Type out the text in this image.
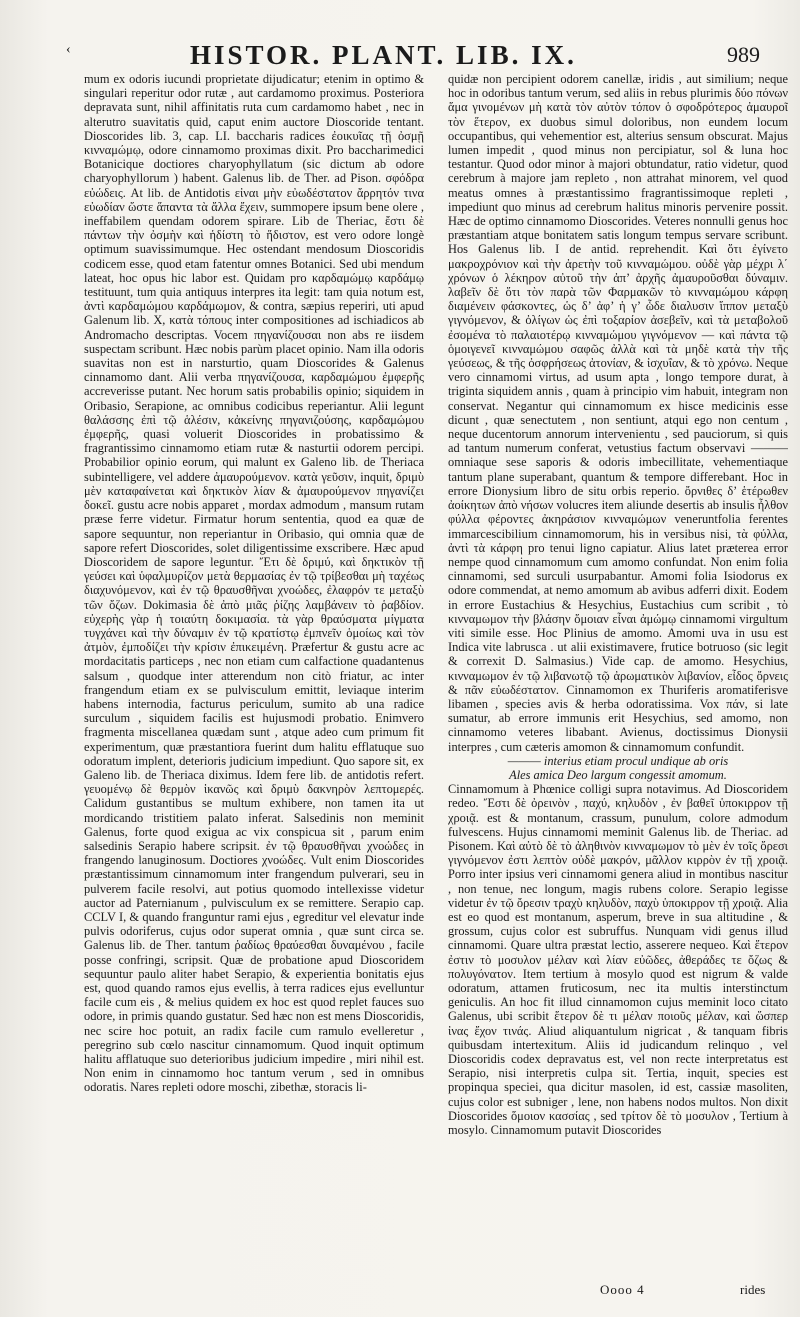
‹	HISTOR. PLANT. LIB. IX.	989

mum ex odoris iucundi proprietate dijudicatur; etenim in optimo & singulari reperitur odor rutæ , aut cardamomo proximus. Posteriora depravata sunt, nihil affinitatis ruta cum cardamomo habet , nec in alterutro suavitatis quid, caput enim auctore Dioscoride tentant. Dioscorides lib. 3, cap. LI. baccharis radices ἐοικυῖας τῇ ὀσμῇ κινναμώμῳ, odore cinnamomo proximas dixit. Pro baccharimedici Botanicique doctiores charyophyllatum (sic dictum ab odore charyophyllorum ) habent. Galenus lib. de Ther. ad Pison. σφόδρα εὐώδεις. At lib. de Antidotis εἰναι μὴν εὐωδέστατον ἄρρητόν τινα εὐωδίαν ὥστε ἅπαντα τὰ ἄλλα ἔχειν, summopere ipsum bene olere , ineffabilem quendam odorem spirare. Lib de Theriac, ἔστι δὲ πάντων τὴν ὀσμὴν καὶ ἡδίστη τὸ ἥδιστον, est vero odore longè optimum suavissimumque. Hec ostendant mendosum Dioscoridis codicem esse, quod etam fatentur omnes Botanici. Sed ubi mendum lateat, hoc opus hic labor est. Quidam pro καρδαμώμῳ καρδάμῳ testituunt, tum quia antiquus interpres ita legit: tam quia notum est, ἀντὶ καρδαμώμου καρδάμωμον, & contra, sæpius reperiri, uti apud Galenum lib. X, κατὰ τόπους inter compositiones ad ischiadicos ab Andromacho descriptas. Vocem πηγανίζουσαι non abs re iisdem suspectam scribunt. Hæc nobis parùm placet opinio. Nam illa odoris suavitas non est in narsturtio, quam Dioscorides & Galenus cinnamomo dant. Alii verba πηγανίζουσα, καρδαμώμου ἐμφερῆς accreverisse putant. Nec horum satis probabilis opinio; siquidem in Oribasio, Serapione, ac omnibus codicibus reperiantur. Alii legunt θαλάσσης ἐπὶ τῷ ἁλέσιν, κἀκείνης πηγανιζούσης, καρδαμώμου ἐμφερῆς, quasi voluerit Dioscorides in probatissimo & fragrantissimo cinnamomo etiam rutæ & nasturtii odorem percipi. Probabilior opinio eorum, qui malunt ex Galeno lib. de Theriaca subintelligere, vel addere ἀμαυρούμενον. κατὰ γεῦσιν, inquit, δριμὺ μὲν καταφαίνεται καὶ δηκτικὸν λίαν & ἀμαυρούμενον πηγανίζει δοκεῖ. gustu acre nobis apparet , mordax admodum , mansum rutam præse ferre videtur. Firmatur horum sententia, quod ea quæ de sapore sequuntur, non reperiantur in Oribasio, qui omnia quæ de sapore refert Dioscorides, solet diligentissime exscribere. Hæc apud Dioscoridem de sapore leguntur. Ἔτι δὲ δριμύ, καὶ δηκτικὸν τῇ γεύσει καὶ ὑφαλμυρίζον μετὰ θερμασίας ἐν τῷ τρίβεσθαι μὴ ταχέως διαχυνόμενον, καὶ ἐν τῷ θραυσθῆναι χνοώδες, ἐλαφρόν τε μεταξὺ τῶν ὄζων. Dokimasia δὲ ἀπὸ μιᾶς ῥίζης λαμβάνειν τὸ ῥαβδίον. εὐχερὴς γὰρ ἡ τοιαύτη δοκιμασία. τὰ γὰρ θραύσματα μίγματα τυγχάνει καὶ τὴν δύναμιν ἐν τῷ κρατίστῳ ἐμπνεῖν ὁμοίως καὶ τὸν ἀτμὸν, ἐμποδίζει τὴν κρίσιν ἐπικειμένη. Præfertur & gustu acre ac mordacitatis particeps , nec non etiam cum calfactione quadantenus salsum , quodque inter atterendum non citò friatur, ac inter frangendum etiam ex se pulvisculum emittit, leviaque interim habens internodia, facturus periculum, sumito ab una radice surculum , siquidem facilis est hujusmodi probatio. Enimvero fragmenta miscellanea quædam sunt , atque adeo cum primum fit experimentum, quæ præstantiora fuerint dum halitu efflatuque suo odoratum implent, deterioris judicium impediunt. Quo sapore sit, ex Galeno lib. de Theriaca diximus. Idem fere lib. de antidotis refert. γευομένῳ δὲ θερμὸν ἱκανῶς καὶ δριμὺ δακνηρὸν λεπτομερές. Calidum gustantibus se multum exhibere, non tamen ita ut mordicando tristitiem palato inferat. Salsedinis non meminit Galenus, forte quod exigua ac vix conspicua sit , parum enim salsedinis Serapio habere scripsit. ἐν τῷ θραυσθῆναι χνοώδες in frangendo lanuginosum. Doctiores χνοώδες. Vult enim Dioscorides præstantissimum cinnamomum inter frangendum pulverari, seu in pulverem facile resolvi, aut potius quomodo intellexisse videtur auctor ad Paternianum , pulvisculum ex se remittere. Serapio cap. CCLV I, & quando franguntur rami ejus , egreditur vel elevatur inde pulvis odoriferus, cujus odor superat omnia , quæ sunt circa se. Galenus lib. de Ther. tantum ῥαδίως θραύεσθαι δυναμένου , facile posse confringi, scripsit. Quæ de probatione apud Dioscoridem sequuntur paulo aliter habet Serapio, & experientia bonitatis ejus est, quod quando ramos ejus evellis, à terra radices ejus evelluntur facile cum eis , & melius quidem ex hoc est quod replet fauces suo odore, in primis quando gustatur. Sed hæc non est mens Dioscoridis, nec scire hoc potuit, an radix facile cum ramulo evelleretur , peregrino sub cœlo nascitur cinnamomum. Quod inquit optimum halitu afflatuque suo deterioribus judicium impedire , miri nihil est. Non enim in cinnamomo hoc tantum verum , sed in omnibus odoratis. Nares repleti odore moschi, zibethæ, storacis li-

quidæ non percipient odorem canellæ, iridis , aut similium; neque hoc in odoribus tantum verum, sed aliis in rebus plurimis δύο πόνων ἅμα γινομένων μὴ κατὰ τὸν αὐτὸν τόπον ὁ σφοδρότερος ἀμαυροῖ τὸν ἕτερον, ex duobus simul doloribus, non eundem locum occupantibus, qui vehementior est, alterius sensum obscurat. Majus lumen impedit , quod minus non percipiatur, sol & luna hoc testantur. Quod odor minor à majori obtundatur, ratio videtur, quod cerebrum à majore jam repleto , non attrahat minorem, vel quod meatus omnes à præstantissimo fragrantissimoque repleti , impediunt quo minus ad cerebrum halitus minoris pervenire possit. Hæc de optimo cinnamomo Dioscorides. Veteres nonnulli genus hoc præstantiam atque bonitatem satis longum tempus servare scribunt. Hos Galenus lib. I de antid. reprehendit. Καὶ ὅτι ἐγίνετο μακροχρόνιον καὶ τὴν ἀρετὴν τοῦ κινναμώμου. οὐδὲ γὰρ μέχρι λ΄ χρόνων ὁ λέκηρον αὐτοῦ τὴν ἀπ’ ἀρχῆς ἀμαυροῦσθαι δύναμιν. λαβεῖν δὲ ὅτι τὸν παρὰ τῶν Φαρμακῶν τὸ κινναμώμου κάρφη διαμένειν φάσκοντες, ὡς δ’ ἀφ’ ἡ γ’ ὧδε διαλυσιν ἵππον μεταξὺ γιγνόμενον, & ὀλίγων ὡς ἐπὶ τοξαρίον ἀσεβεῖν, καὶ τὰ μεταβολοῦ ἐσομένα τὸ παλαιοτέρῳ κινναμώμου γιγνόμενον — καὶ πάντα τῷ ὁμοιγενεῖ κινναμώμου σαφῶς ἀλλὰ καὶ τὰ μηδὲ κατὰ τὴν τῆς γεύσεως, & τῆς ὀσφρήσεως ἀτονίαν, & ἰσχυΐαν, & τὸ χρόνω. Neque vero cinnamomi virtus, ad usum apta , longo tempore durat, à triginta siquidem annis , quam à principio vim habuit, integram non conservat. Negantur qui cinnamomum ex hisce medicinis esse dicunt , quæ senectutem , non sentiunt, atqui ego non centum , neque ducentorum annorum intervenientu , sed pauciorum, si quis ad tantum numerum conferat, vetustius factum observavi ——— omniaque sese saporis & odoris imbecillitate, vehementiaque tantum plane superabant, quantum & tempore differebant. Hoc in errore Dionysium libro de situ orbis reperio. ὄρνιθες δ’ ἑτέρωθεν ἀοίκητων ἀπὸ νήσων volucres item aliunde desertis ab insulis ἦλθον φύλλα φέροντες ἀκηράσιον κινναμώμων veneruntfolia ferentes immarcescibilium cinnamomorum, his in versibus nisi, τὰ φύλλα, ἀντὶ τὰ κάρφη pro tenui ligno capiatur. Alius latet præterea error nempe quod cinnamomum cum amomo confundat. Non enim folia cinnamomi, sed surculi usurpabantur. Amomi folia Isiodorus ex odore commendat, at nemo amomum ab avibus adferri dixit. Eodem in errore Eustachius & Hesychius, Eustachius cum scribit , τὸ κινναμωμον τὴν βλάσην ὅμοιαν εἶναι ἀμώμῳ cinnamomi virgultum viti simile esse. Hoc Plinius de amomo. Amomi uva in usu est Indica vite labrusca . ut alii existimavere, frutice botruoso (sic legit & correxit D. Salmasius.) Vide cap. de amomo. Hesychius, κινναμωμον ἐν τῷ λιβανωτῷ τῷ ἀρωματικὸν λιβανίον, εἶδος ὄρνεις & πᾶν εὐωδέστατον. Cinnamomon ex Thuriferis aromatiferisve libamen , species avis & herba odoratissima. Vox πάν, si late sumatur, ab errore immunis erit Hesychius, sed amomo, non cinnamomo veteres libabant. Avienus, doctissimus Dionysii interpres , cum cæteris amomon & cinnamomum confundit.

——— interius etiam procul undique ab oris

Ales amica Deo largum congessit amomum.

Cinnamomum à Phœnice colligi supra notavimus. Ad Dioscoridem redeo. Ἔστι δὲ ὀρεινὸν , παχύ, κηλυδὸν , ἐν βαθεῖ ὑποκιρρον τῇ χροιᾷ. est & montanum, crassum, punulum, colore admodum fulvescens. Hujus cinnamomi meminit Galenus lib. de Theriac. ad Pisonem. Καὶ αὐτὸ δὲ τὸ ἀληθινὸν κινναμωμον τὸ μὲν ἐν τοῖς ὄρεσι γιγνόμενον ἐστι λεπτὸν οὐδὲ μακρόν, μᾶλλον κιρρὸν ἐν τῇ χροιᾷ. Porro inter ipsius veri cinnamomi genera aliud in montibus nascitur , non tenue, nec longum, magis rubens colore. Serapio legisse videtur ἐν τῷ ὄρεσιν τραχὺ κηλυδὸν, παχὺ ὑποκιρρον τῇ χροιᾷ. Alia est eo quod est montanum, asperum, breve in sua altitudine , & grossum, cujus color est subruffus. Nunquam vidi genus illud cinnamomi. Quare ultra præstat lectio, asserere nequeo. Καὶ ἕτερον ἐστιν τὸ μοσυλον μέλαν καὶ λίαν εὐῶδες, ἀθεράδες τε ὄζως & πολυγόνατον. Item tertium à mosylo quod est nigrum & valde odoratum, attamen fruticosum, nec ita multis interstinctum geniculis. An hoc fit illud cinnamomon cujus meminit loco citato Galenus, ubi scribit ἕτερον δὲ τι μέλαν ποιοῦς μέλαν, καὶ ὥσπερ ἰνας ἔχον τινάς. Aliud aliquantulum nigricat , & tanquam fibris quibusdam intertexitum. Aliis id judicandum relinquo , vel Dioscoridis codex depravatus est, vel non recte interpretatus est Serapio, nisi interpretis culpa sit. Tertia, inquit, species est propinqua speciei, qua dicitur masolen, id est, cassiæ masoliten, cujus color est subniger , lene, non habens nodos multos. Non dixit Dioscorides ὅμοιον κασσίας , sed τρίτον δὲ τὸ μοσυλον , Tertium à mosylo. Cinnamomum putavit Dioscorides

Oooo 4	rides
